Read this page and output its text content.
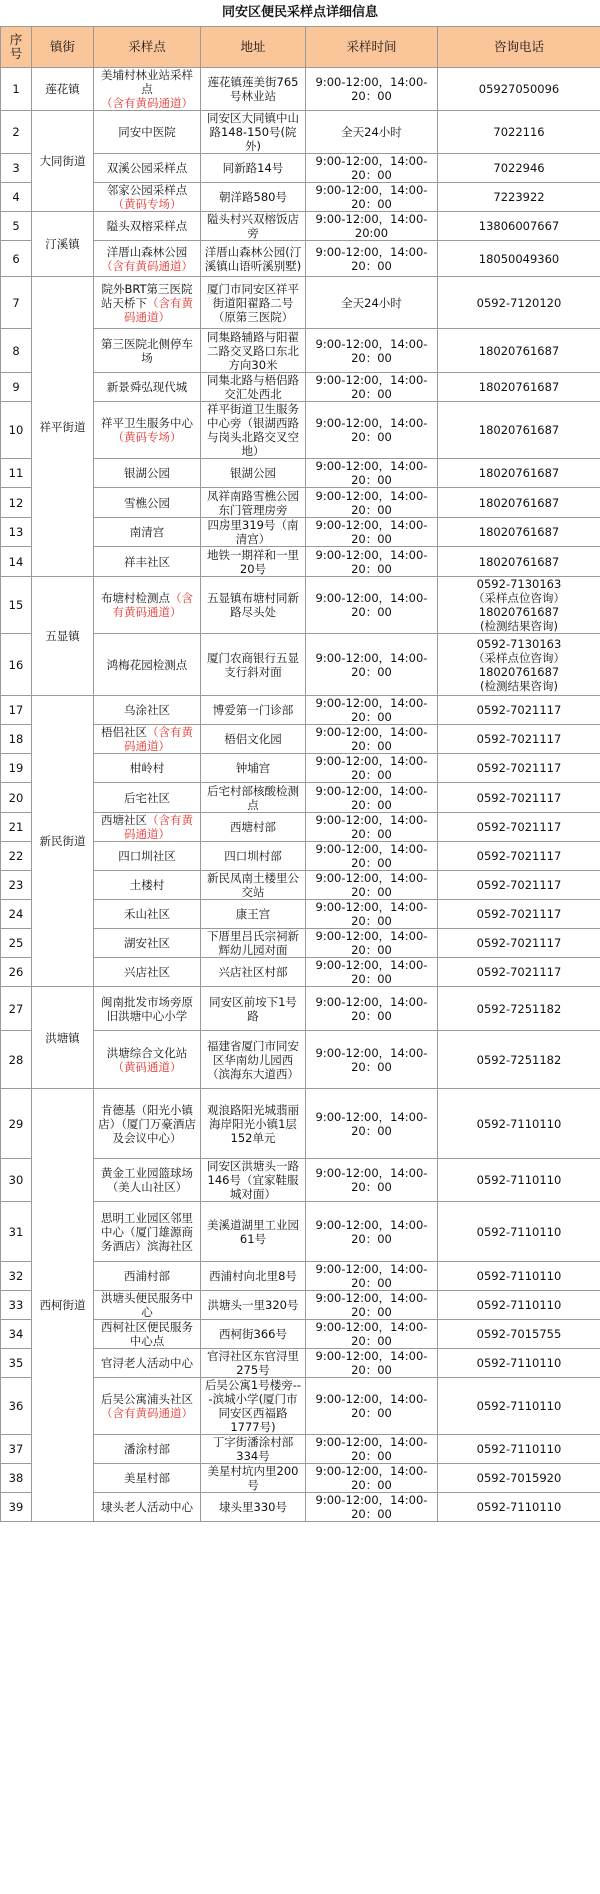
同安区便民采样点详细信息
序号	镇街	采样点	地址	采样时间	咨询电话
1	莲花镇	美埔村林业站采样点（含有黄码通道）	莲花镇莲美街765号林业站	9:00-12:00，14:00-20：00	05927050096

2	大同街道	同安中医院	同安区大同镇中山路148-150号(院外)	全天24小时	7022116

3		双溪公园采样点	同新路14号	9:00-12:00，14:00-20：00	7022946

4		邻家公园采样点（黄码专场）	朝洋路580号	9:00-12:00，14:00-20：00	7223922

5	汀溪镇	隘头双榕采样点	隘头村兴双榕饭店旁	9:00-12:00，14:00-20:00	13806007667

6		洋厝山森林公园（含有黄码通道）	洋厝山森林公园(汀溪镇山语听溪别墅)	9:00-12:00，14:00-20：00	18050049360

7	祥平街道	院外BRT第三医院站天桥下（含有黄码通道）	厦门市同安区祥平街道阳翟路二号（原第三医院）	全天24小时	0592-7120120

8		第三医院北侧停车场	同集路辅路与阳翟二路交叉路口东北方向30米	9:00-12:00，14:00-20：00	18020761687

9		新景舜弘现代城	同集北路与梧侣路交汇处西北	9:00-12:00，14:00-20：00	18020761687

10		祥平卫生服务中心（黄码专场）	祥平街道卫生服务中心旁（银湖西路与岗头北路交叉空地）	9:00-12:00，14:00-20：00	18020761687

11		银湖公园	银湖公园	9:00-12:00，14:00-20：00	18020761687

12		雪樵公园	凤祥南路雪樵公园东门管理房旁	9:00-12:00，14:00-20：00	18020761687

13		南清宫	四房里319号（南清宫）	9:00-12:00，14:00-20：00	18020761687

14		祥丰社区	地铁一期祥和一里20号	9:00-12:00，14:00-20：00	18020761687

15	五显镇	布塘村检测点（含有黄码通道）	五显镇布塘村同新路尽头处	9:00-12:00，14:00-20：00	0592-7130163
（采样点位咨询）
18020761687
(检测结果咨询)

16		鸿梅花园检测点	厦门农商银行五显支行斜对面	9:00-12:00，14:00-20：00	0592-7130163
（采样点位咨询）
18020761687
(检测结果咨询)

17	新民街道	乌涂社区	博爱第一门诊部	9:00-12:00，14:00-20：00	0592-7021117

18		梧侣社区（含有黄码通道）	梧侣文化园	9:00-12:00，14:00-20：00	0592-7021117

19		柑岭村	钟埔宫	9:00-12:00，14:00-20：00	0592-7021117

20		后宅社区	后宅村部核酸检测点	9:00-12:00，14:00-20：00	0592-7021117

21		西塘社区（含有黄码通道）	西塘村部	9:00-12:00，14:00-20：00	0592-7021117

22		四口圳社区	四口圳村部	9:00-12:00，14:00-20：00	0592-7021117

23		土楼村	新民凤南土楼里公交站	9:00-12:00，14:00-20：00	0592-7021117

24		禾山社区	康王宫	9:00-12:00，14:00-20：00	0592-7021117

25		湖安社区	下厝里吕氏宗祠新辉幼儿园对面	9:00-12:00，14:00-20：00	0592-7021117

26		兴店社区	兴店社区村部	9:00-12:00，14:00-20：00	0592-7021117

27	洪塘镇	闽南批发市场旁原旧洪塘中心小学	同安区前垵下1号路	9:00-12:00，14:00-20：00	0592-7251182

28		洪塘综合文化站（黄码通道）	福建省厦门市同安区华南幼儿园西（滨海东大道西）	9:00-12:00，14:00-20：00	0592-7251182

29	西柯街道	肯德基（阳光小镇店）（厦门万豪酒店及会议中心）	观浪路阳光城翡丽海岸阳光小镇1层152单元	9:00-12:00，14:00-20：00	0592-7110110

30		黄金工业园篮球场（美人山社区）	同安区洪塘头一路146号（宜家鞋服城对面）	9:00-12:00，14:00-20：00	0592-7110110

31		思明工业园区邻里中心（厦门雄源商务酒店）滨海社区	美溪道湖里工业园61号	9:00-12:00，14:00-20：00	0592-7110110

32		西浦村部	西浦村向北里8号	9:00-12:00，14:00-20：00	0592-7110110

33		洪塘头便民服务中心	洪塘头一里320号	9:00-12:00，14:00-20：00	0592-7110110

34		西柯社区便民服务中心点	西柯街366号	9:00-12:00，14:00-20：00	0592-7015755

35		官浔老人活动中心	官浔社区东官浔里275号	9:00-12:00，14:00-20：00	0592-7110110

36		后吴公寓浦头社区（含有黄码通道）	后吴公寓1号楼旁---滨城小学(厦门市同安区西福路1777号)	9:00-12:00，14:00-20：00	0592-7110110

37		潘涂村部	丁字街潘涂村部334号	9:00-12:00，14:00-20：00	0592-7110110

38		美星村部	美星村坑内里200号	9:00-12:00，14:00-20：00	0592-7015920

39		埭头老人活动中心	埭头里330号	9:00-12:00，14:00-20：00	0592-7110110
